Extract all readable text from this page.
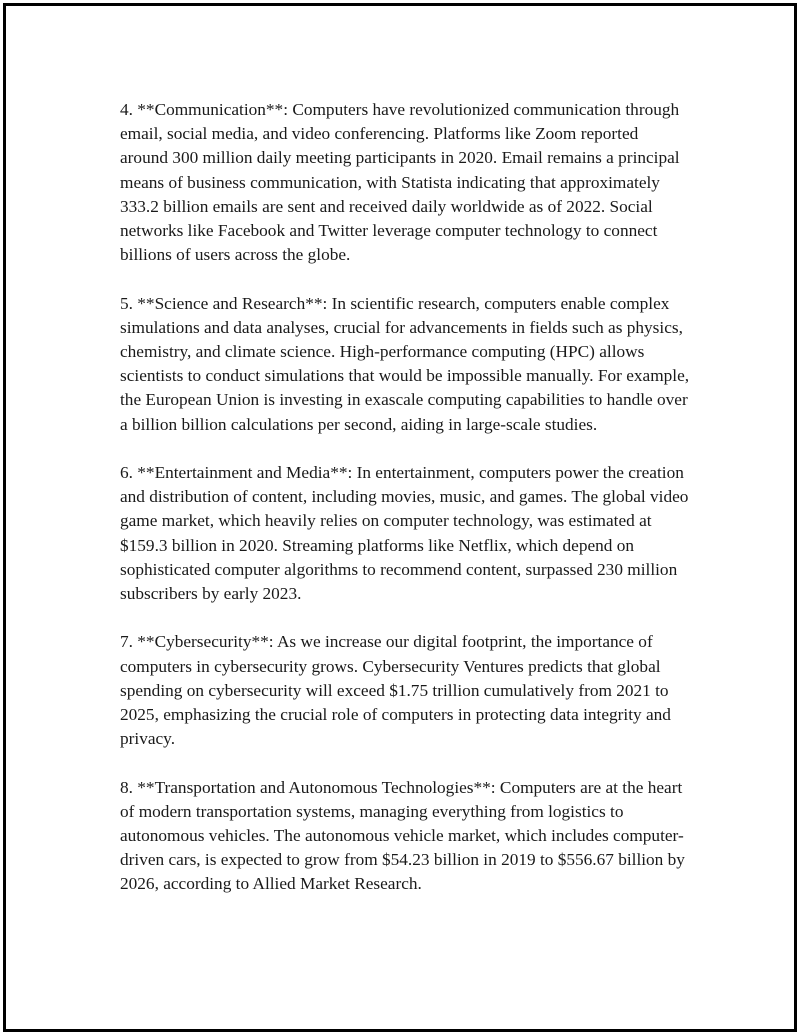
4. **Communication**: Computers have revolutionized communication through email, social media, and video conferencing. Platforms like Zoom reported around 300 million daily meeting participants in 2020. Email remains a principal means of business communication, with Statista indicating that approximately 333.2 billion emails are sent and received daily worldwide as of 2022. Social networks like Facebook and Twitter leverage computer technology to connect billions of users across the globe.

5. **Science and Research**: In scientific research, computers enable complex simulations and data analyses, crucial for advancements in fields such as physics, chemistry, and climate science. High-performance computing (HPC) allows scientists to conduct simulations that would be impossible manually. For example, the European Union is investing in exascale computing capabilities to handle over a billion billion calculations per second, aiding in large-scale studies.

6. **Entertainment and Media**: In entertainment, computers power the creation and distribution of content, including movies, music, and games. The global video game market, which heavily relies on computer technology, was estimated at $159.3 billion in 2020. Streaming platforms like Netflix, which depend on sophisticated computer algorithms to recommend content, surpassed 230 million subscribers by early 2023.

7. **Cybersecurity**: As we increase our digital footprint, the importance of computers in cybersecurity grows. Cybersecurity Ventures predicts that global spending on cybersecurity will exceed $1.75 trillion cumulatively from 2021 to 2025, emphasizing the crucial role of computers in protecting data integrity and privacy.

8. **Transportation and Autonomous Technologies**: Computers are at the heart of modern transportation systems, managing everything from logistics to autonomous vehicles. The autonomous vehicle market, which includes computer-driven cars, is expected to grow from $54.23 billion in 2019 to $556.67 billion by 2026, according to Allied Market Research.
